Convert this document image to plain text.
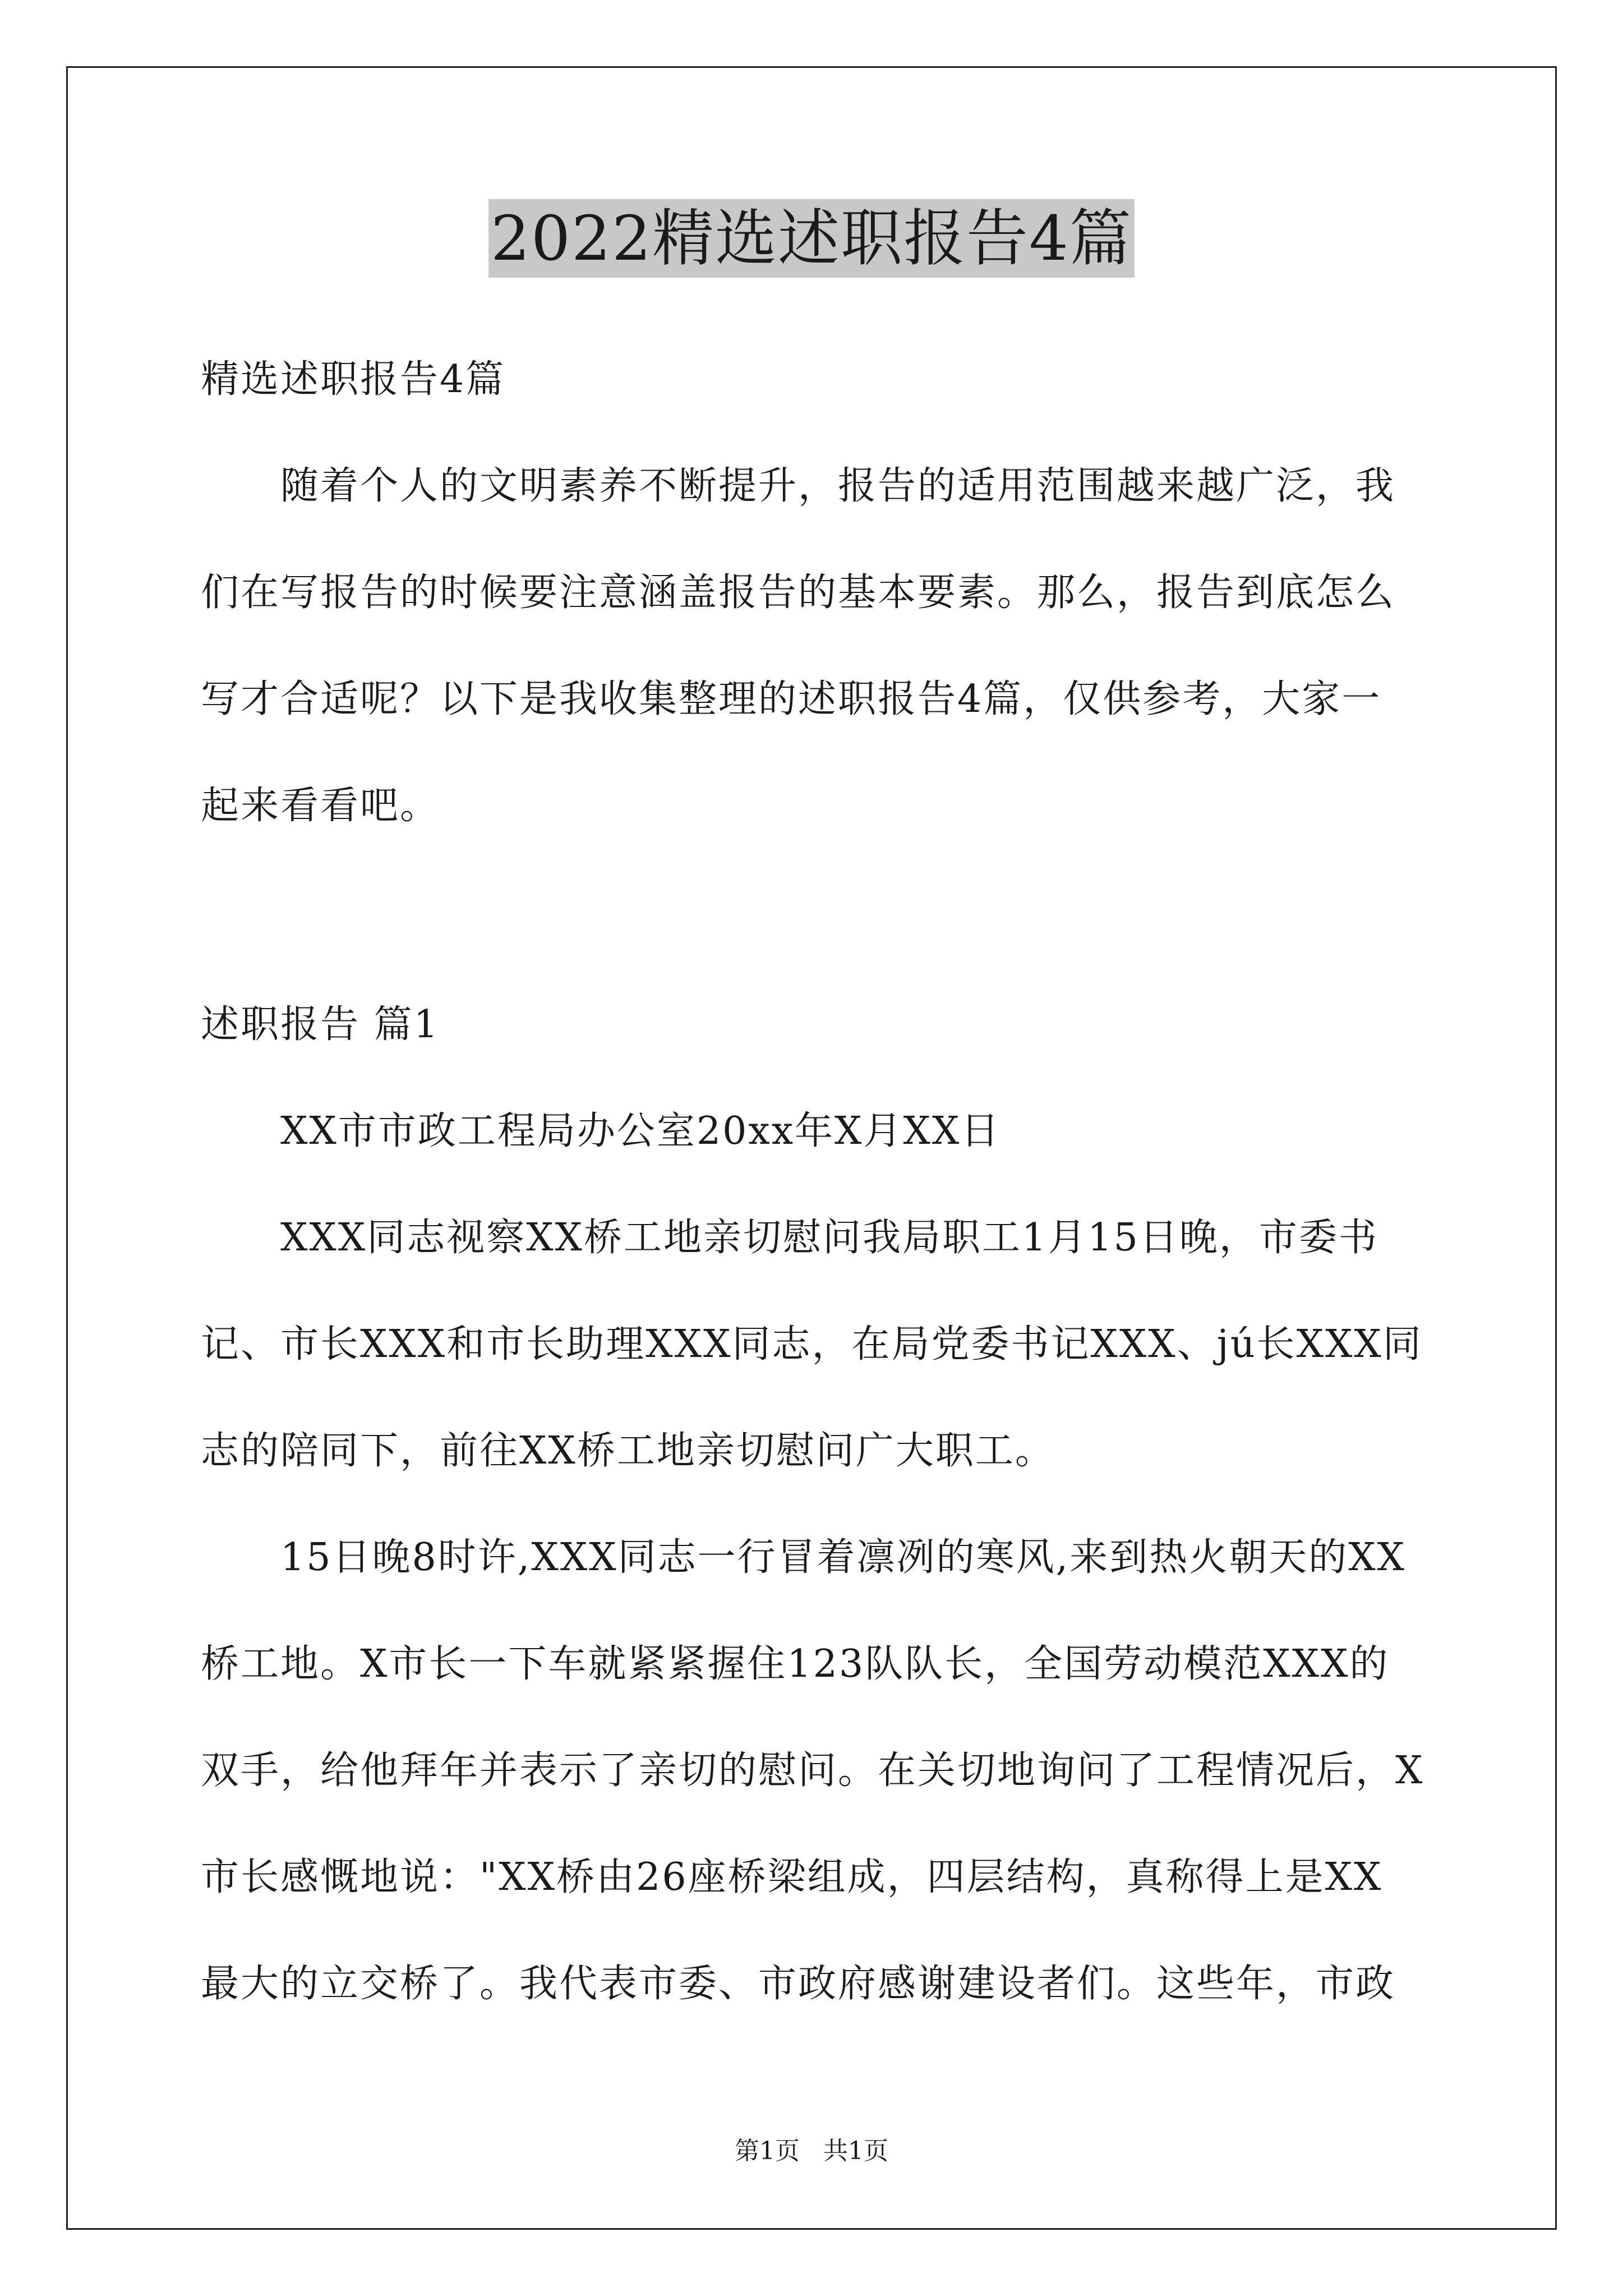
2022精选述职报告4篇
精选述职报告4篇
随着个人的文明素养不断提升，报告的适用范围越来越广泛，我
们在写报告的时候要注意涵盖报告的基本要素。那么，报告到底怎么
写才合适呢？以下是我收集整理的述职报告4篇，仅供参考，大家一
起来看看吧。
述职报告 篇1
XX市市政工程局办公室20xx年X月XX日
XXX同志视察XX桥工地亲切慰问我局职工1月15日晚，市委书
记、市长XXX和市长助理XXX同志，在局党委书记XXX、jú长XXX同
志的陪同下，前往XX桥工地亲切慰问广大职工。
15日晚8时许,XXX同志一行冒着凛冽的寒风,来到热火朝天的XX
桥工地。X市长一下车就紧紧握住123队队长，全国劳动模范XXX的
双手，给他拜年并表示了亲切的慰问。在关切地询问了工程情况后，X
市长感慨地说："XX桥由26座桥梁组成，四层结构，真称得上是XX
最大的立交桥了。我代表市委、市政府感谢建设者们。这些年，市政
第1页 共1页
